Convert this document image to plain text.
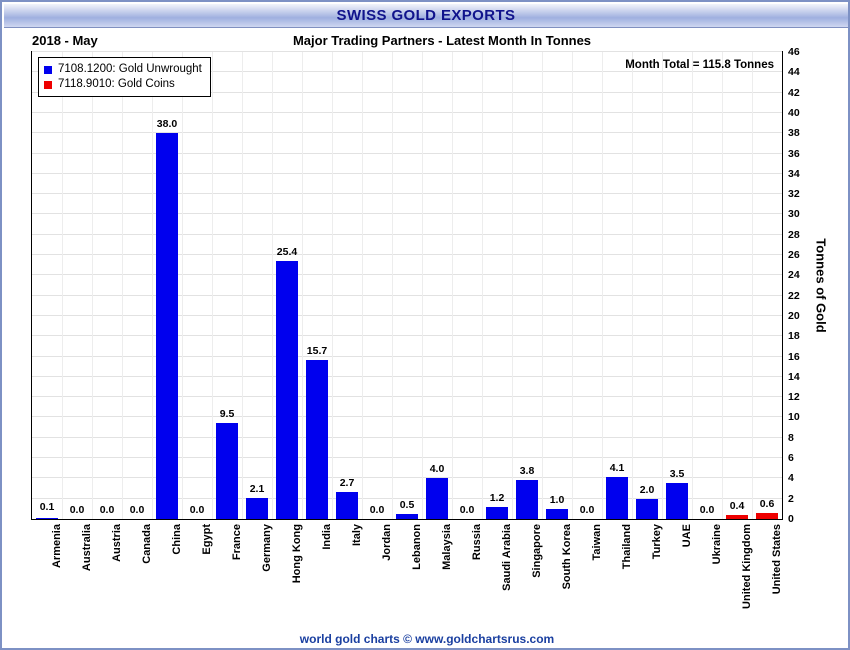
SWISS GOLD EXPORTS
2018 - May	Major Trading Partners - Latest Month In Tonnes
0.1	0.0	0.0	0.0
38.0
0.0
9.5
2.1
25.4
15.7
2.7
0.0	0.5
4.0
0.0
1.2
3.8
1.0
0.0
4.1
2.0
3.5
0.0	0.4	0.6
7108.1200: Gold Unwrought
7118.9010: Gold Coins
Month Total = 115.8 Tonnes
0
2
4
6
8
10
12
14
16
18
20
22
24
26
28
30
32
34
36
38
40
42
44
46
Tonnes of Gold
Armenia Australia Austria Canada China Egypt France Germany Hong Kong India Italy Jordan Lebanon Malaysia Russia Saudi Arabia Singapore South Korea Taiwan Thailand Turkey UAE Ukraine United Kingdom United States
world gold charts © www.goldchartsrus.com
